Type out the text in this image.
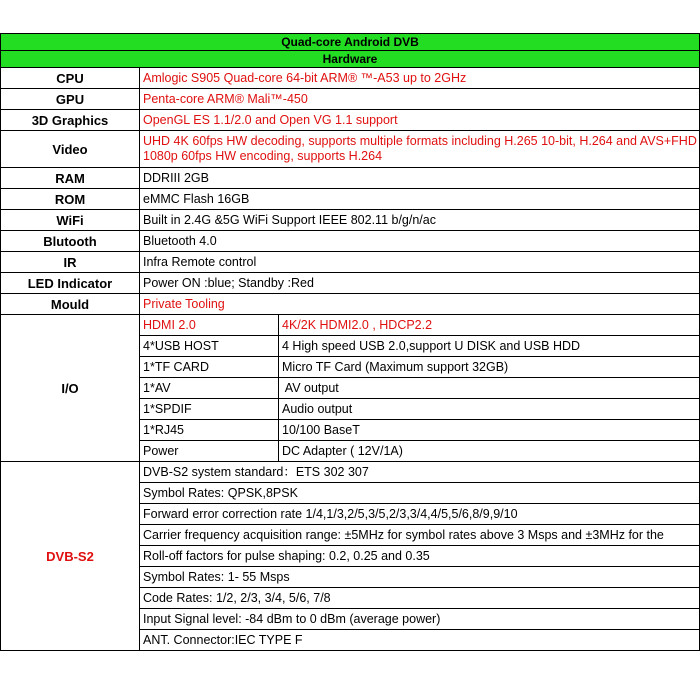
Quad-core Android DVB		
Hardware		
CPU	Amlogic S905 Quad-core 64-bit ARM® ™-A53 up to 2GHz	
GPU	Penta-core ARM® Mali™-450	
3D Graphics	OpenGL ES 1.1/2.0 and Open VG 1.1 support	
Video	UHD 4K 60fps HW decoding, supports multiple formats including H.265 10-bit, H.264 and AVS+FHD 1080p 60fps HW encoding, supports H.264	
RAM	DDRIII 2GB	
ROM	eMMC Flash 16GB	
WiFi	Built in 2.4G &5G WiFi Support IEEE 802.11 b/g/n/ac	
Blutooth	Bluetooth 4.0	
IR	Infra Remote control	
LED Indicator	Power ON :blue; Standby :Red	
Mould	Private Tooling	
I/O	HDMI 2.0	4K/2K HDMI2.0 , HDCP2.2
	4*USB HOST	4 High speed USB 2.0,support U DISK and USB HDD
	1*TF CARD	Micro TF Card (Maximum support 32GB)
	1*AV	AV output
	1*SPDIF	Audio output
	1*RJ45	10/100 BaseT
	Power	DC Adapter ( 12V/1A)
DVB-S2	DVB-S2 system standard：ETS 302 307	
	Symbol Rates: QPSK,8PSK	
	Forward error correction rate 1/4,1/3,2/5,3/5,2/3,3/4,4/5,5/6,8/9,9/10	
	Carrier frequency acquisition range: ±5MHz for symbol rates above 3 Msps and ±3MHz for the	
	Roll-off factors for pulse shaping: 0.2, 0.25 and 0.35	
	Symbol Rates: 1- 55 Msps	
	Code Rates: 1/2, 2/3, 3/4, 5/6, 7/8	
	Input Signal level: -84 dBm to 0 dBm (average power)	
	ANT. Connector:IEC TYPE F	
